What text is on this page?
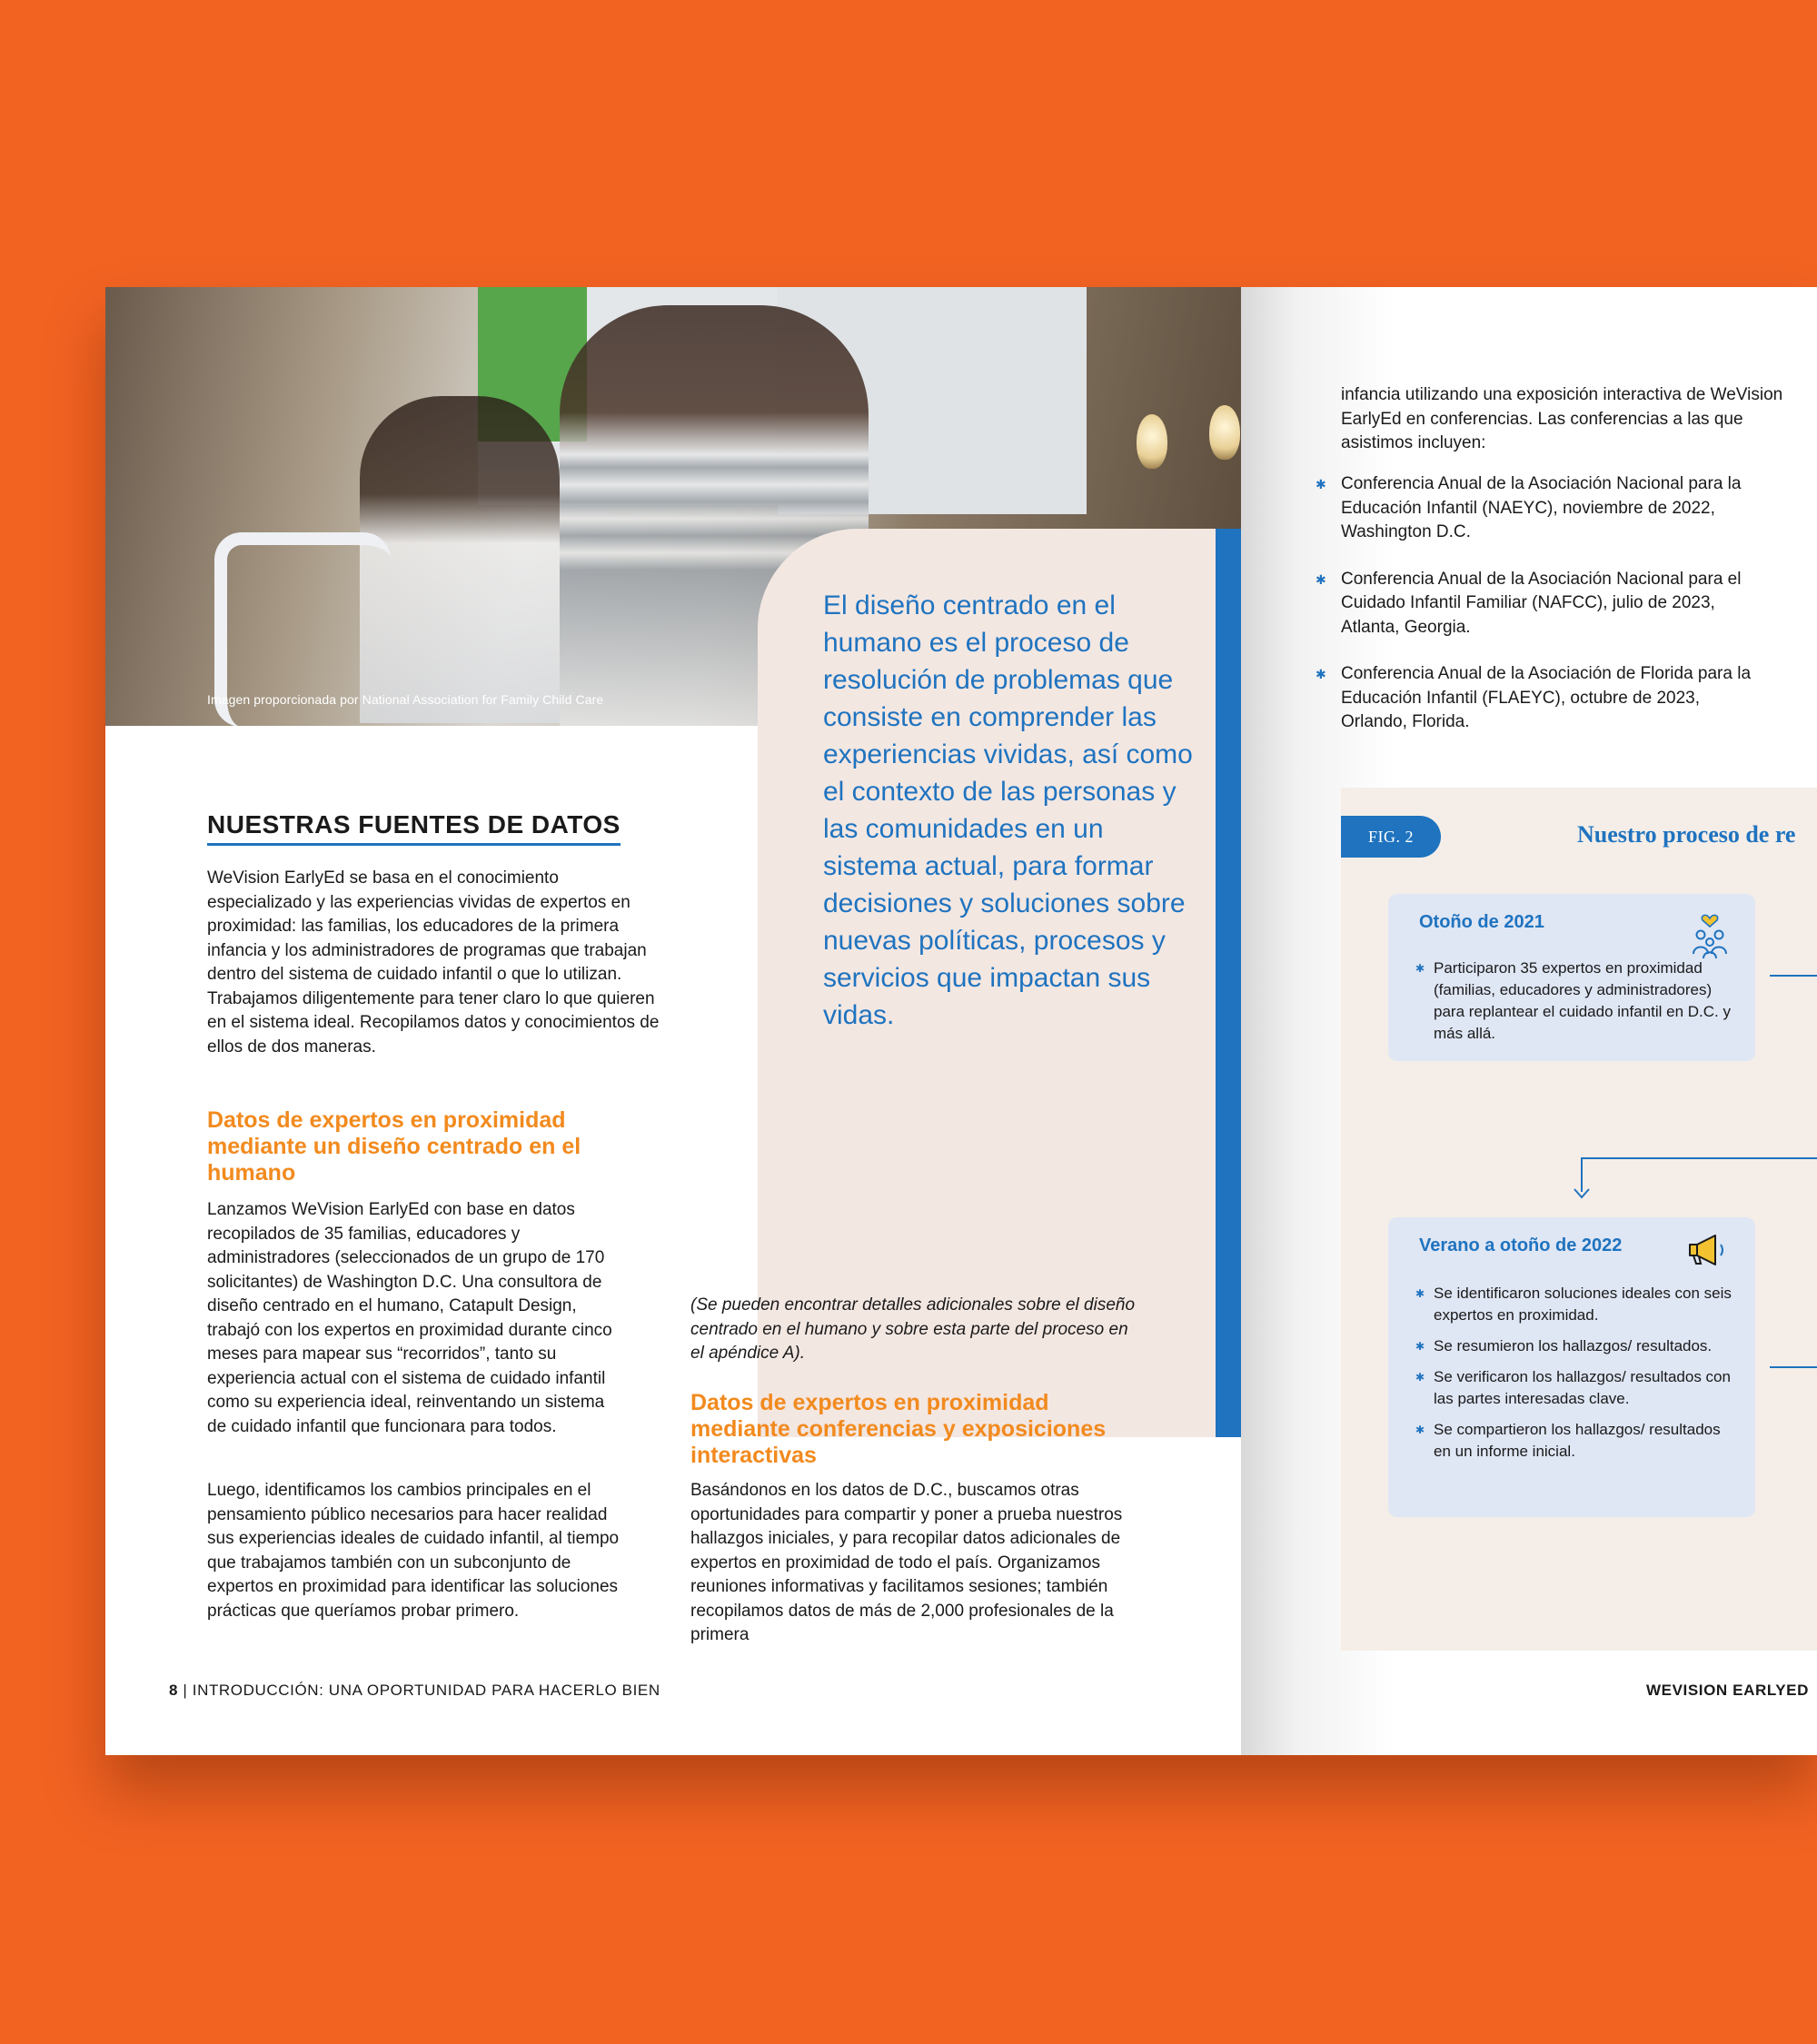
Imagen proporcionada por National Association for Family Child Care
El diseño centrado en el humano es el proceso de resolución de problemas que consiste en comprender las experiencias vividas, así como el contexto de las personas y las comunidades en un sistema actual, para formar decisiones y soluciones sobre nuevas políticas, procesos y servicios que impactan sus vidas.
NUESTRAS FUENTES DE DATOS
WeVision EarlyEd se basa en el conocimiento especializado y las experiencias vividas de expertos en proximidad: las familias, los educadores de la primera infancia y los administradores de programas que trabajan dentro del sistema de cuidado infantil o que lo utilizan. Trabajamos diligentemente para tener claro lo que quieren en el sistema ideal. Recopilamos datos y conocimientos de ellos de dos maneras.
Datos de expertos en proximidad mediante un diseño centrado en el humano
Lanzamos WeVision EarlyEd con base en datos recopilados de 35 familias, educadores y administradores (seleccionados de un grupo de 170 solicitantes) de Washington D.C. Una consultora de diseño centrado en el humano, Catapult Design, trabajó con los expertos en proximidad durante cinco meses para mapear sus “recorridos”, tanto su experiencia actual con el sistema de cuidado infantil como su experiencia ideal, reinventando un sistema de cuidado infantil que funcionara para todos.
Luego, identificamos los cambios principales en el pensamiento público necesarios para hacer realidad sus experiencias ideales de cuidado infantil, al tiempo que trabajamos también con un subconjunto de expertos en proximidad para identificar las soluciones prácticas que queríamos probar primero.
(Se pueden encontrar detalles adicionales sobre el diseño centrado en el humano y sobre esta parte del proceso en el apéndice A).
Datos de expertos en proximidad mediante conferencias y exposiciones interactivas
Basándonos en los datos de D.C., buscamos otras oportunidades para compartir y poner a prueba nuestros hallazgos iniciales, y para recopilar datos adicionales de expertos en proximidad de todo el país. Organizamos reuniones informativas y facilitamos sesiones; también recopilamos datos de más de 2,000 profesionales de la primera
8 | INTRODUCCIÓN: UNA OPORTUNIDAD PARA HACERLO BIEN
infancia utilizando una exposición interactiva de WeVision EarlyEd en conferencias. Las conferencias a las que asistimos incluyen:
✱ Conferencia Anual de la Asociación Nacional para la Educación Infantil (NAEYC), noviembre de 2022, Washington D.C.
✱ Conferencia Anual de la Asociación Nacional para el Cuidado Infantil Familiar (NAFCC), julio de 2023, Atlanta, Georgia.
✱ Conferencia Anual de la Asociación de Florida para la Educación Infantil (FLAEYC), octubre de 2023, Orlando, Florida.
FIG. 2	Nuestro proceso de re
Otoño de 2021
✱ Participaron 35 expertos en proximidad (familias, educadores y administradores) para replantear el cuidado infantil en D.C. y más allá.
Verano a otoño de 2022
✱ Se identificaron soluciones ideales con seis expertos en proximidad.
✱ Se resumieron los hallazgos/ resultados.
✱ Se verificaron los hallazgos/ resultados con las partes interesadas clave.
✱ Se compartieron los hallazgos/ resultados en un informe inicial.
WEVISION EARLYED
